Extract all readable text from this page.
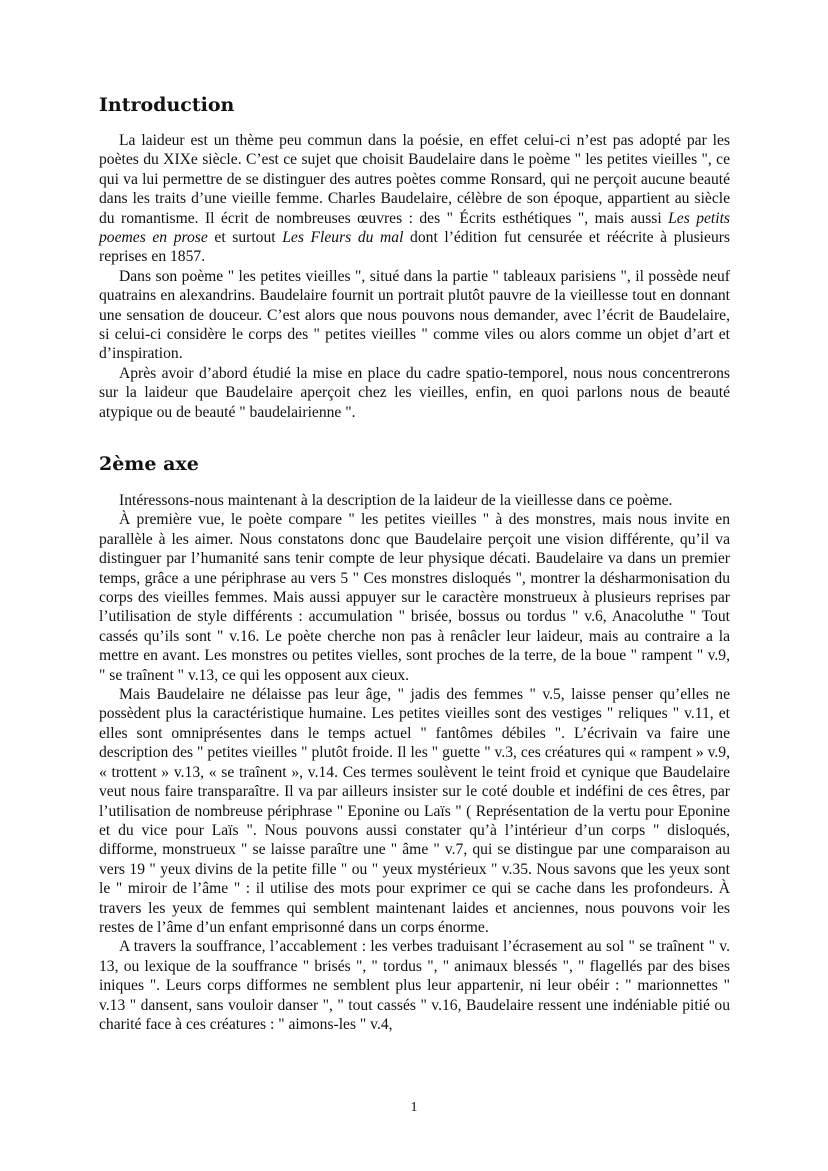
Introduction

La laideur est un thème peu commun dans la poésie, en effet celui-ci n’est pas adopté par les poètes du XIXe siècle. C’est ce sujet que choisit Baudelaire dans le poème " les petites vieilles ", ce qui va lui permettre de se distinguer des autres poètes comme Ronsard, qui ne perçoit aucune beauté dans les traits d’une vieille femme. Charles Baudelaire, célèbre de son époque, appartient au siècle du romantisme. Il écrit de nombreuses œuvres : des " Écrits esthétiques ", mais aussi Les petits poemes en prose et surtout Les Fleurs du mal dont l’édition fut censurée et réécrite à plusieurs reprises en 1857.

Dans son poème " les petites vieilles ", situé dans la partie " tableaux parisiens ", il possède neuf quatrains en alexandrins. Baudelaire fournit un portrait plutôt pauvre de la vieillesse tout en donnant une sensation de douceur. C’est alors que nous pouvons nous demander, avec l’écrit de Baudelaire, si celui-ci considère le corps des " petites vieilles " comme viles ou alors comme un objet d’art et d’inspiration.

Après avoir d’abord étudié la mise en place du cadre spatio-temporel, nous nous concentrerons sur la laideur que Baudelaire aperçoit chez les vieilles, enfin, en quoi parlons nous de beauté atypique ou de beauté " baudelairienne ".

2ème axe

Intéressons-nous maintenant à la description de la laideur de la vieillesse dans ce poème.

À première vue, le poète compare " les petites vieilles " à des monstres, mais nous invite en parallèle à les aimer. Nous constatons donc que Baudelaire perçoit une vision différente, qu’il va distinguer par l’humanité sans tenir compte de leur physique décati. Baudelaire va dans un premier temps, grâce a une périphrase au vers 5 " Ces monstres disloqués ", montrer la désharmonisation du corps des vieilles femmes. Mais aussi appuyer sur le caractère monstrueux à plusieurs reprises par l’utilisation de style différents : accumulation " brisée, bossus ou tordus " v.6, Anacoluthe " Tout cassés qu’ils sont " v.16. Le poète cherche non pas à renâcler leur laideur, mais au contraire a la mettre en avant. Les monstres ou petites vielles, sont proches de la terre, de la boue " rampent " v.9, " se traînent " v.13, ce qui les opposent aux cieux.

Mais Baudelaire ne délaisse pas leur âge, " jadis des femmes " v.5, laisse penser qu’elles ne possèdent plus la caractéristique humaine. Les petites vieilles sont des vestiges " reliques " v.11, et elles sont omniprésentes dans le temps actuel " fantômes débiles ". L’écrivain va faire une description des " petites vieilles " plutôt froide. Il les " guette " v.3, ces créatures qui « rampent » v.9, « trottent » v.13, « se traînent », v.14. Ces termes soulèvent le teint froid et cynique que Baudelaire veut nous faire transparaître. Il va par ailleurs insister sur le coté double et indéfini de ces êtres, par l’utilisation de nombreuse périphrase " Eponine ou Laïs " ( Représentation de la vertu pour Eponine et du vice pour Laïs ". Nous pouvons aussi constater qu’à l’intérieur d’un corps " disloqués, difforme, monstrueux " se laisse paraître une " âme " v.7, qui se distingue par une comparaison au vers 19 " yeux divins de la petite fille " ou " yeux mystérieux " v.35. Nous savons que les yeux sont le " miroir de l’âme " : il utilise des mots pour exprimer ce qui se cache dans les profondeurs. À travers les yeux de femmes qui semblent maintenant laides et anciennes, nous pouvons voir les restes de l’âme d’un enfant emprisonné dans un corps énorme.

A travers la souffrance, l’accablement : les verbes traduisant l’écrasement au sol " se traînent " v. 13, ou lexique de la souffrance " brisés ", " tordus ", " animaux blessés ", " flagellés par des bises iniques ". Leurs corps difformes ne semblent plus leur appartenir, ni leur obéir : " marionnettes " v.13 " dansent, sans vouloir danser ", " tout cassés " v.16, Baudelaire ressent une indéniable pitié ou charité face à ces créatures : " aimons-les " v.4,

1
